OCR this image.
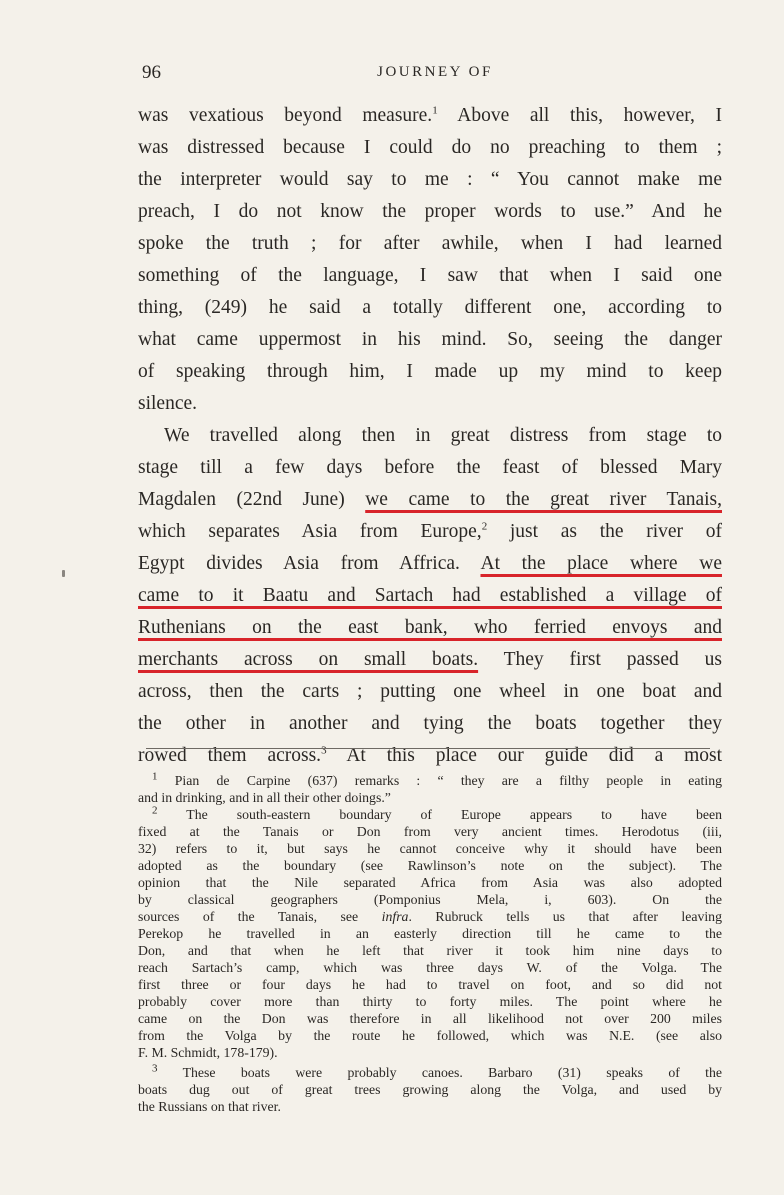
96	JOURNEY OF
was vexatious beyond measure.$^1$ Above all this, however, I
was distressed because I could do no preaching to them ;
the interpreter would say to me : “ You cannot make me
preach, I do not know the proper words to use.” And he
spoke the truth ; for after awhile, when I had learned
something of the language, I saw that when I said one
thing, (249) he said a totally different one, according to
what came uppermost in his mind. So, seeing the danger
of speaking through him, I made up my mind to keep
silence.
We travelled along then in great distress from stage to
stage till a few days before the feast of blessed Mary
Magdalen (22nd June) we came to the great river Tanais,
which separates Asia from Europe,$^2$ just as the river of
Egypt divides Asia from Affrica. At the place where we
came to it Baatu and Sartach had established a village of
Ruthenians on the east bank, who ferried envoys and
merchants across on small boats. They first passed us
across, then the carts ; putting one wheel in one boat and
the other in another and tying the boats together they
rowed them across.$^3$ At this place our guide did a most
$^1$ Pian de Carpine (637) remarks : “ they are a filthy people in eating
and in drinking, and in all their other doings.”
$^2$ The south-eastern boundary of Europe appears to have been
fixed at the Tanais or Don from very ancient times. Herodotus (iii,
32) refers to it, but says he cannot conceive why it should have been
adopted as the boundary (see Rawlinson’s note on the subject). The
opinion that the Nile separated Africa from Asia was also adopted
by classical geographers (Pomponius Mela, i, 603). On the
sources of the Tanais, see infra. Rubruck tells us that after leaving
Perekop he travelled in an easterly direction till he came to the
Don, and that when he left that river it took him nine days to
reach Sartach’s camp, which was three days W. of the Volga. The
first three or four days he had to travel on foot, and so did not
probably cover more than thirty to forty miles. The point where he
came on the Don was therefore in all likelihood not over 200 miles
from the Volga by the route he followed, which was N.E. (see also
F. M. Schmidt, 178-179).
$^3$ These boats were probably canoes. Barbaro (31) speaks of the
boats dug out of great trees growing along the Volga, and used by
the Russians on that river.
